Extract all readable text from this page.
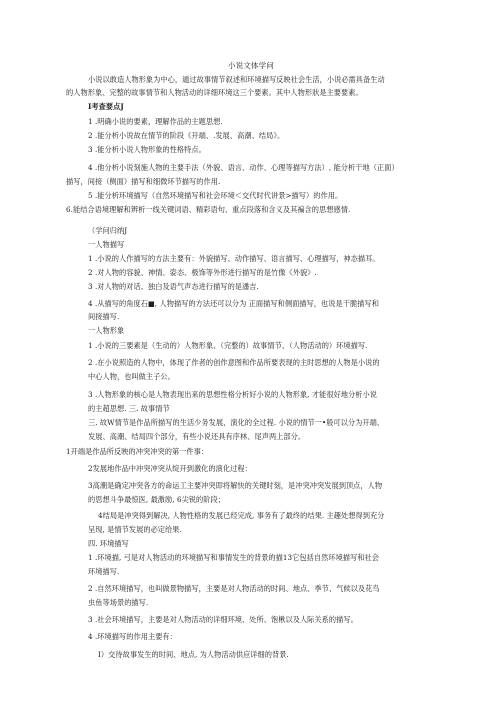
小说文体学问
小说以敢造人物形象为中心，遁过故事情节叙述和环境描写反映社会生活，小说必需具备生动
的人物形象、完整的故事情节和人物活动的详细环境这三个要素。其中人物形狀是主要要素。
I考查要点J
1 .明确小说的要素，理解作品的主题思想.
2 .能分析小说故在情节的阶段《开端、.发展、高潮、结局》。
3 .能分析小说人物形象的性格特点。
4 .他分析小说刻施人物的主要手法（外貌、语言、动作、心理等描写方法）, 能分析干地（正面）
描写，间接（侧面）描写和细微环节描写的作用.
5 .能分析环境描写（自然环境描写和社会环境＜交代时代讲景>描写）的作用。
6.能结合语境理解和辨析一线关键词语、精彩语句、重点段落和含义及其褊含的思想感情.
（学问归纳J
一人物描写
1 .小说的人作描写的方法主要有：外貌描写、动作描写、语言描写、心理描写，神态描耳。
2 .对人物的容貌、神情、姿态、极饰等外形进行描写的是竹像《外貌》.
3 .对人物的对话、独白及语气声态进行描写的是潘吉.
4 .从描写的角度石■, 人物描写的方法还可以分为 正面描写和侧面描写，也说是干脆描写和
间接描写.
一人物形象
1 .小说的三要素是（生动的）人物形象、（完整的）故事情节、（人物活动的）环境描写.
2 .在小说照造的人物中，体现了作者的创作意图和作品所要表现的主时思想的人物是小说的
中心人物，也叫做主子公。
3 .人物形象的核心是人物表现出来的思想性格分析好小说的人物形象, 才能很好地分析小说
的主超思想. 三. 故事情节
三. 故W情节是作品所描写的生活少务发展，演化的全过程. 小说的情节一•般可以分为开端、
发展、高潮、结局四个部分，有些小说还具有序林、尾声两上部分。
1开端是作品所反映的冲突冲突的第一件事：
2发展地作品中冲突冲突从绽开到激化的演化过程：
3高潮是确定冲突各方的命运工主要冲突即将解快的关键时刻，是冲突冲突发展到顶点，人物
的思想斗争最惊医, 最激励, 6尖锐的阶段；
4结局是冲突得到解决, 人物性格的发展已经完成, 事务有了最终的结果. 主趣处想得到充分
呈现, 是情节发展的必定给果.
四. 环境描写
1 .环境描, 弓是对人物活动的环境描写和事情发生的背景的描13它包括自然环境描写和社会
环境描写.
2 .自然环境描写，也叫做景物描写，主要是对人物活动的时间、地点、季节、气候以及花鸟
虫鱼等场景的描写.
3 .社会环境描写，主要是对人物活动的详细环境、处所、饱楸以及人际关系的描写。
4 .环境描写的作用主要有：
I）交待故事发生的时间、地点, 为人物活动供应详细的背景.
